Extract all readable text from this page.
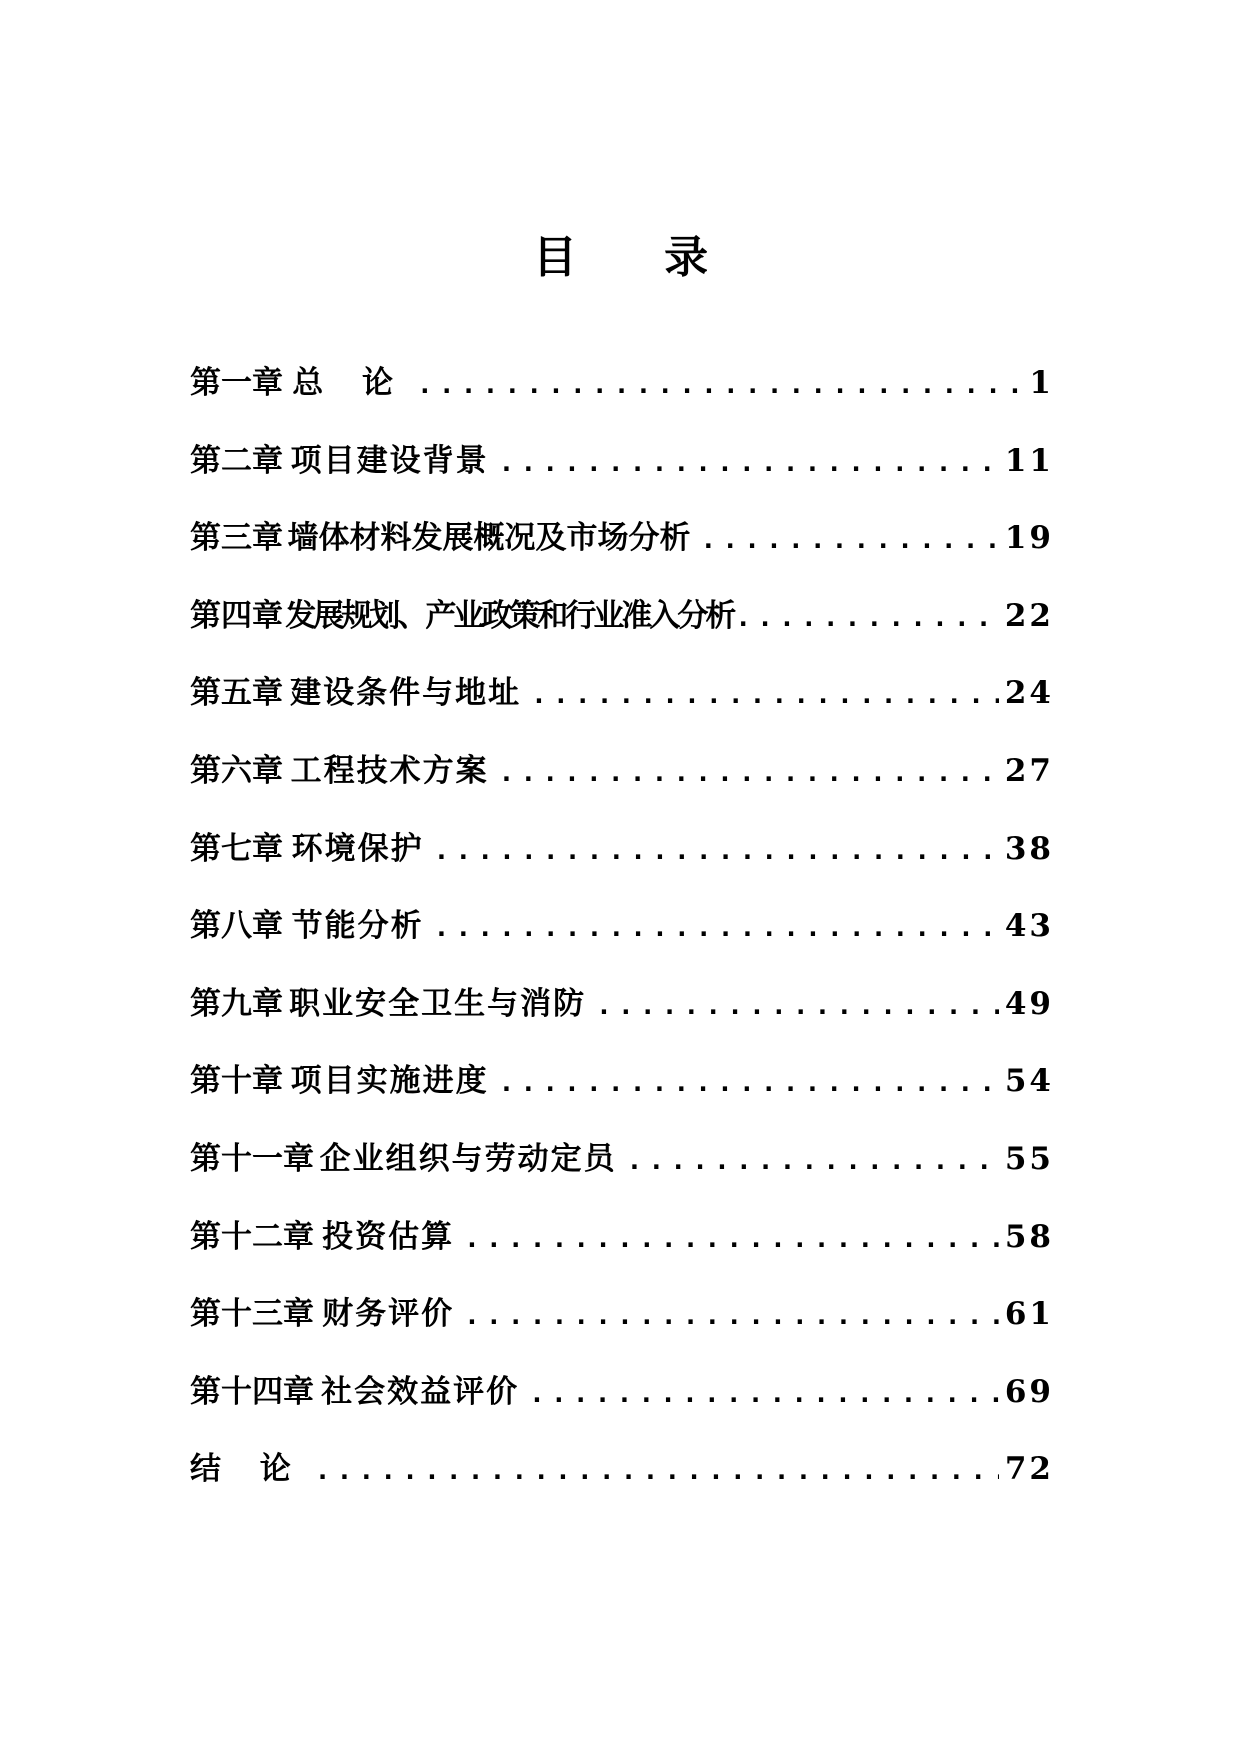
目 录
第一章 总 论 .....	1
第二章 项目建设背景 .....	11
第三章 墙体材料发展概况及市场分析 .....	19
第四章 发展规划、产业政策和行业准入分析 .....	22
第五章 建设条件与地址 .....	24
第六章 工程技术方案 .....	27
第七章 环境保护 .....	38
第八章 节能分析 .....	43
第九章 职业安全卫生与消防 .....	49
第十章 项目实施进度 .....	54
第十一章 企业组织与劳动定员 .....	55
第十二章 投资估算 .....	58
第十三章 财务评价 .....	61
第十四章 社会效益评价 .....	69
结 论 .....	72
